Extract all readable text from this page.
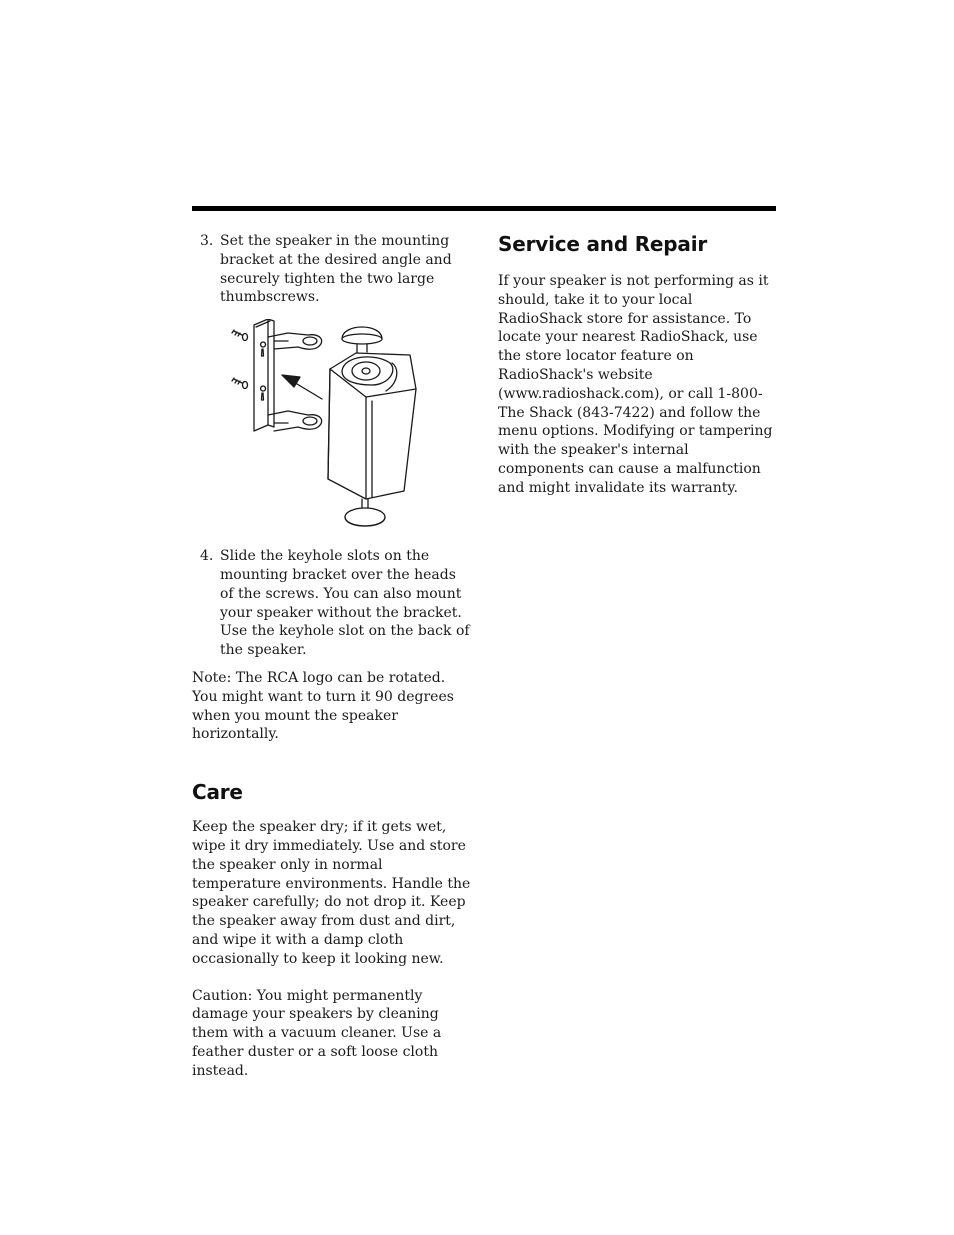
3. Set the speaker in the mounting bracket at the desired angle and securely tighten the two large thumbscrews.
4. Slide the keyhole slots on the mounting bracket over the heads of the screws. You can also mount your speaker without the bracket. Use the keyhole slot on the back of the speaker.

Note: The RCA logo can be rotated. You might want to turn it 90 degrees when you mount the speaker horizontally.

Care

Keep the speaker dry; if it gets wet, wipe it dry immediately. Use and store the speaker only in normal temperature environments. Handle the speaker carefully; do not drop it. Keep the speaker away from dust and dirt, and wipe it with a damp cloth occasionally to keep it looking new.

Caution: You might permanently damage your speakers by cleaning them with a vacuum cleaner. Use a feather duster or a soft loose cloth instead.

Service and Repair

If your speaker is not performing as it should, take it to your local RadioShack store for assistance. To locate your nearest RadioShack, use the store locator feature on RadioShack's website (www.radioshack.com), or call 1-800-The Shack (843-7422) and follow the menu options. Modifying or tampering with the speaker's internal components can cause a malfunction and might invalidate its warranty.
